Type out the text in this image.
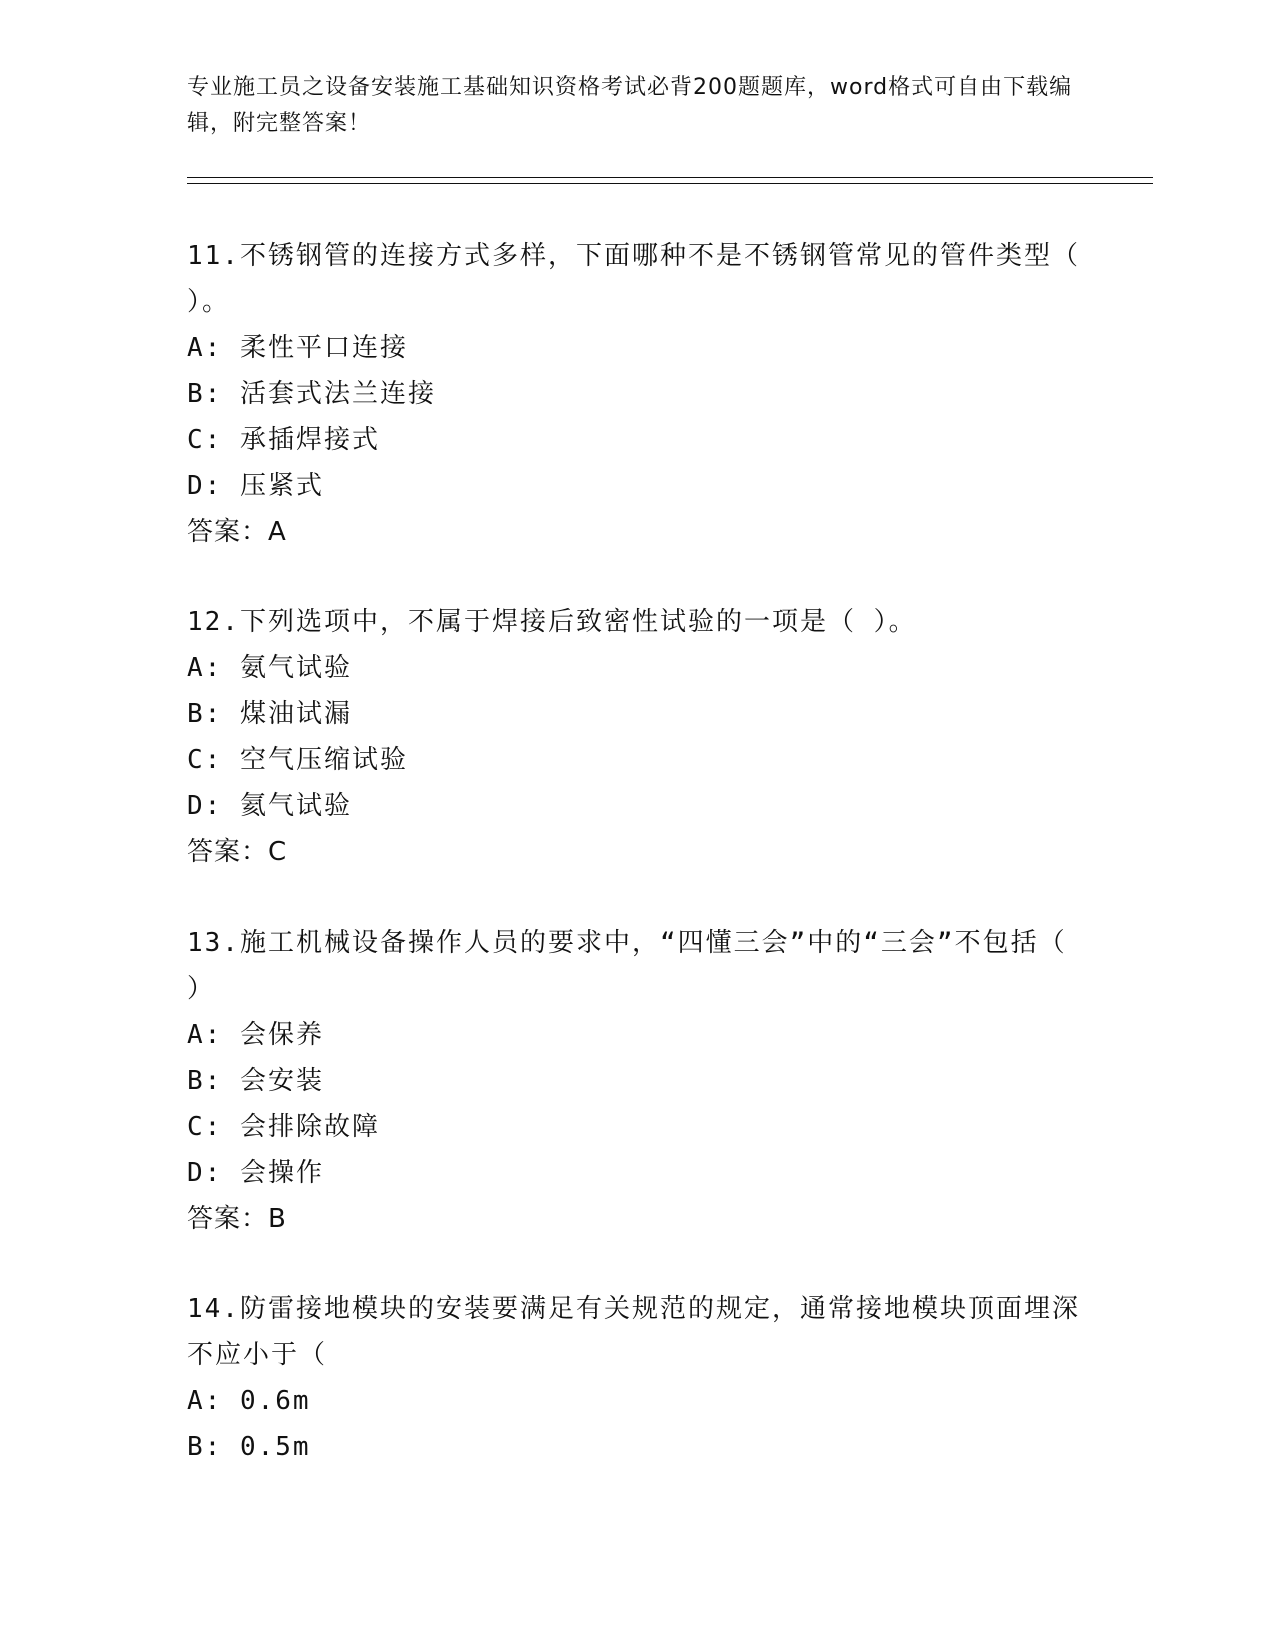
专业施工员之设备安装施工基础知识资格考试必背200题题库，word格式可自由下载编辑，附完整答案！
11.不锈钢管的连接方式多样，下面哪种不是不锈钢管常见的管件类型（ ）。
A: 柔性平口连接
B: 活套式法兰连接
C: 承插焊接式
D: 压紧式
答案：A
12.下列选项中，不属于焊接后致密性试验的一项是（ ）。
A: 氨气试验
B: 煤油试漏
C: 空气压缩试验
D: 氦气试验
答案：C
13.施工机械设备操作人员的要求中，“四懂三会”中的“三会”不包括（ ）
A: 会保养
B: 会安装
C: 会排除故障
D: 会操作
答案：B
14.防雷接地模块的安装要满足有关规范的规定，通常接地模块顶面埋深不应小于（
A: 0.6m
B: 0.5m
